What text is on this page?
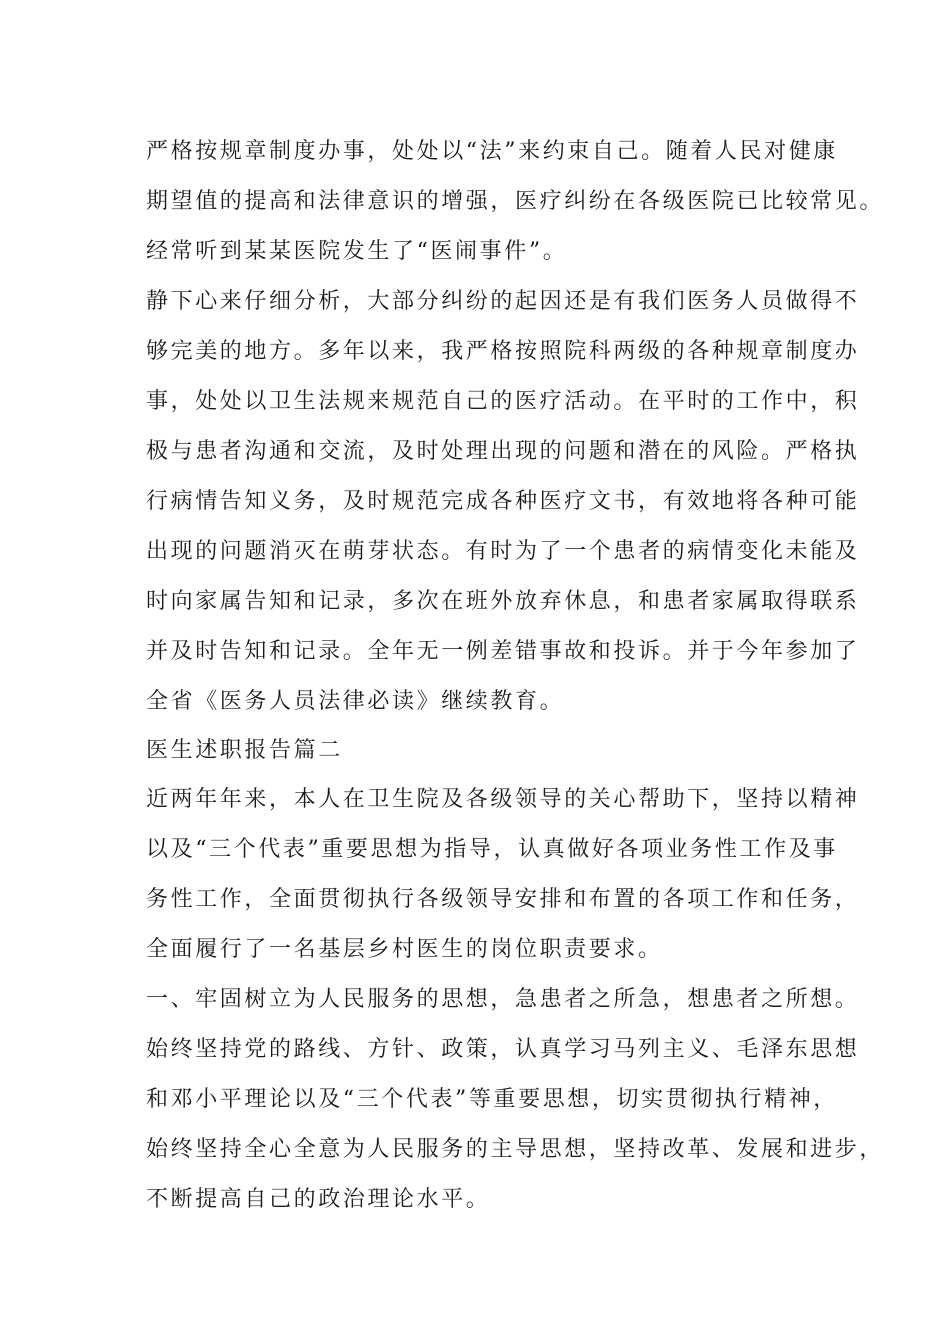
严格按规章制度办事，处处以“法”来约束自己。随着人民对健康
期望值的提高和法律意识的增强，医疗纠纷在各级医院已比较常见。
经常听到某某医院发生了“医闹事件”。
静下心来仔细分析，大部分纠纷的起因还是有我们医务人员做得不
够完美的地方。多年以来，我严格按照院科两级的各种规章制度办
事，处处以卫生法规来规范自己的医疗活动。在平时的工作中，积
极与患者沟通和交流，及时处理出现的问题和潜在的风险。严格执
行病情告知义务，及时规范完成各种医疗文书，有效地将各种可能
出现的问题消灭在萌芽状态。有时为了一个患者的病情变化未能及
时向家属告知和记录，多次在班外放弃休息，和患者家属取得联系
并及时告知和记录。全年无一例差错事故和投诉。并于今年参加了
全省《医务人员法律必读》继续教育。
医生述职报告篇二
近两年年来，本人在卫生院及各级领导的关心帮助下，坚持以精神
以及“三个代表”重要思想为指导，认真做好各项业务性工作及事
务性工作，全面贯彻执行各级领导安排和布置的各项工作和任务，
全面履行了一名基层乡村医生的岗位职责要求。
一、牢固树立为人民服务的思想，急患者之所急，想患者之所想。
始终坚持党的路线、方针、政策，认真学习马列主义、毛泽东思想
和邓小平理论以及“三个代表”等重要思想，切实贯彻执行精神，
始终坚持全心全意为人民服务的主导思想，坚持改革、发展和进步，
不断提高自己的政治理论水平。
